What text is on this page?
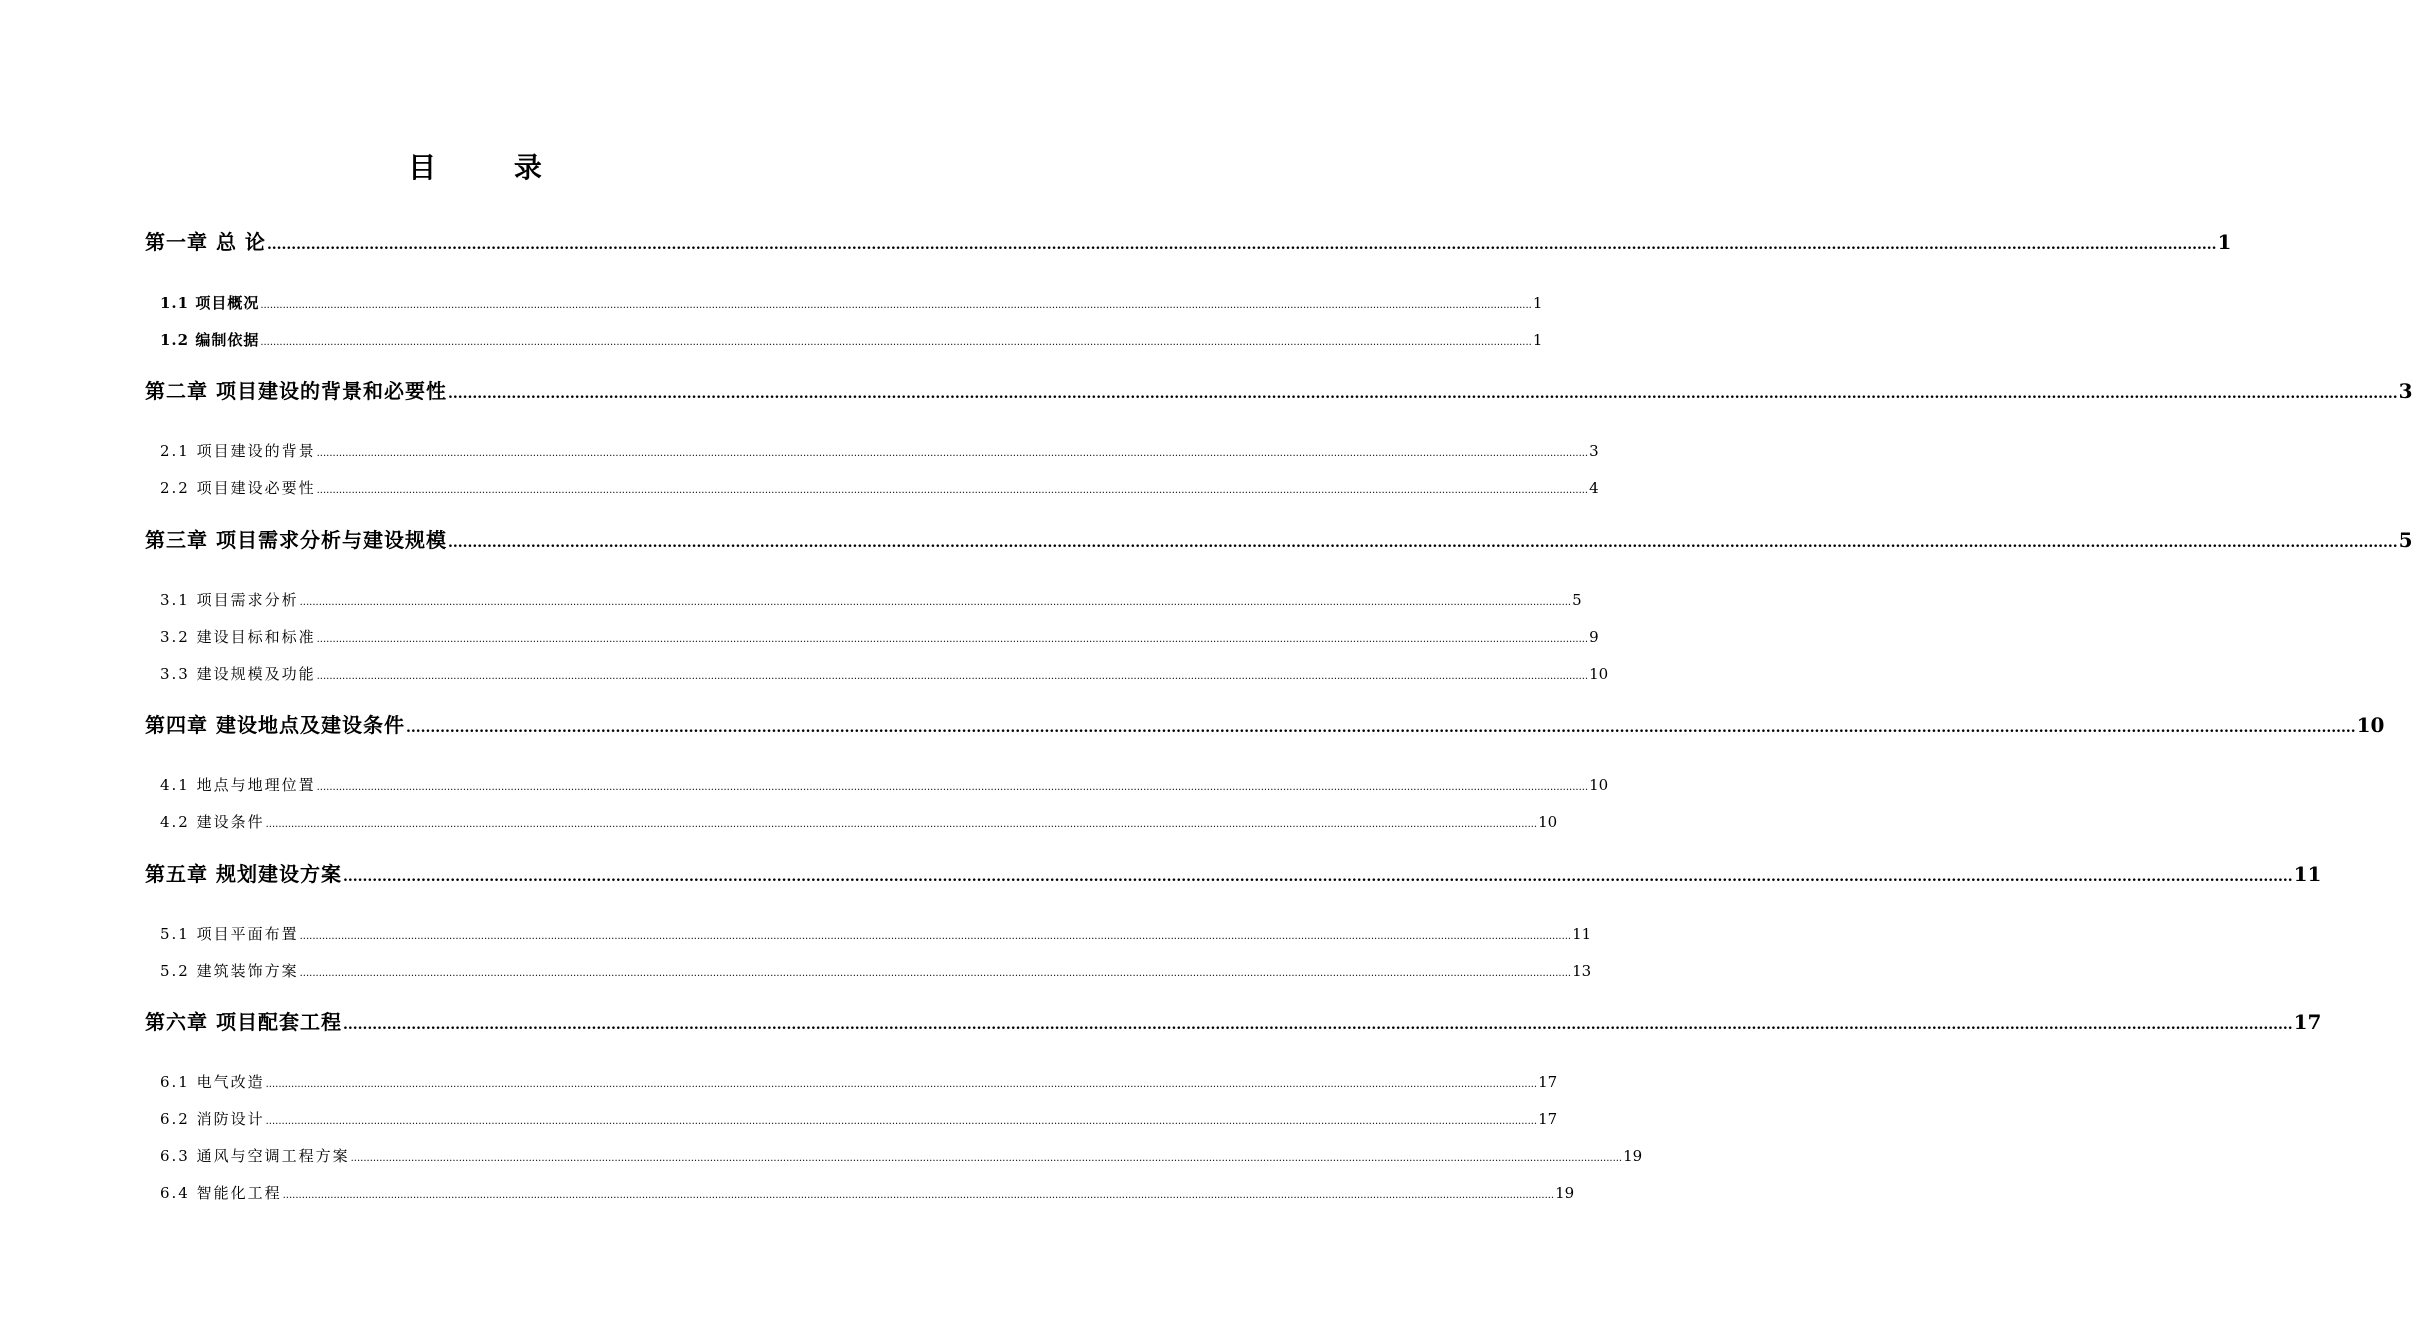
目 录
第一章 总 论 ................................................................................................................................................................................................................................................................................................................................................................................................................ 1
1.1 项目概况 ................................................................................................................................................................................................................................................................................................................................................................................................................ 1
1.2 编制依据 ................................................................................................................................................................................................................................................................................................................................................................................................................ 1
第二章 项目建设的背景和必要性 ................................................................................................................................................................................................................................................................................................................................................................................................................ 3
2.1 项目建设的背景 ................................................................................................................................................................................................................................................................................................................................................................................................................ 3
2.2 项目建设必要性 ................................................................................................................................................................................................................................................................................................................................................................................................................ 4
第三章 项目需求分析与建设规模 ................................................................................................................................................................................................................................................................................................................................................................................................................ 5
3.1 项目需求分析 ................................................................................................................................................................................................................................................................................................................................................................................................................ 5
3.2 建设目标和标准 ................................................................................................................................................................................................................................................................................................................................................................................................................ 9
3.3 建设规模及功能 ................................................................................................................................................................................................................................................................................................................................................................................................................ 10
第四章 建设地点及建设条件 ................................................................................................................................................................................................................................................................................................................................................................................................................ 10
4.1 地点与地理位置 ................................................................................................................................................................................................................................................................................................................................................................................................................ 10
4.2 建设条件 ................................................................................................................................................................................................................................................................................................................................................................................................................ 10
第五章 规划建设方案 ................................................................................................................................................................................................................................................................................................................................................................................................................ 11
5.1 项目平面布置 ................................................................................................................................................................................................................................................................................................................................................................................................................ 11
5.2 建筑装饰方案 ................................................................................................................................................................................................................................................................................................................................................................................................................ 13
第六章 项目配套工程 ................................................................................................................................................................................................................................................................................................................................................................................................................ 17
6.1 电气改造 ................................................................................................................................................................................................................................................................................................................................................................................................................ 17
6.2 消防设计 ................................................................................................................................................................................................................................................................................................................................................................................................................ 17
6.3 通风与空调工程方案 ................................................................................................................................................................................................................................................................................................................................................................................................................ 19
6.4 智能化工程 ................................................................................................................................................................................................................................................................................................................................................................................................................ 19
